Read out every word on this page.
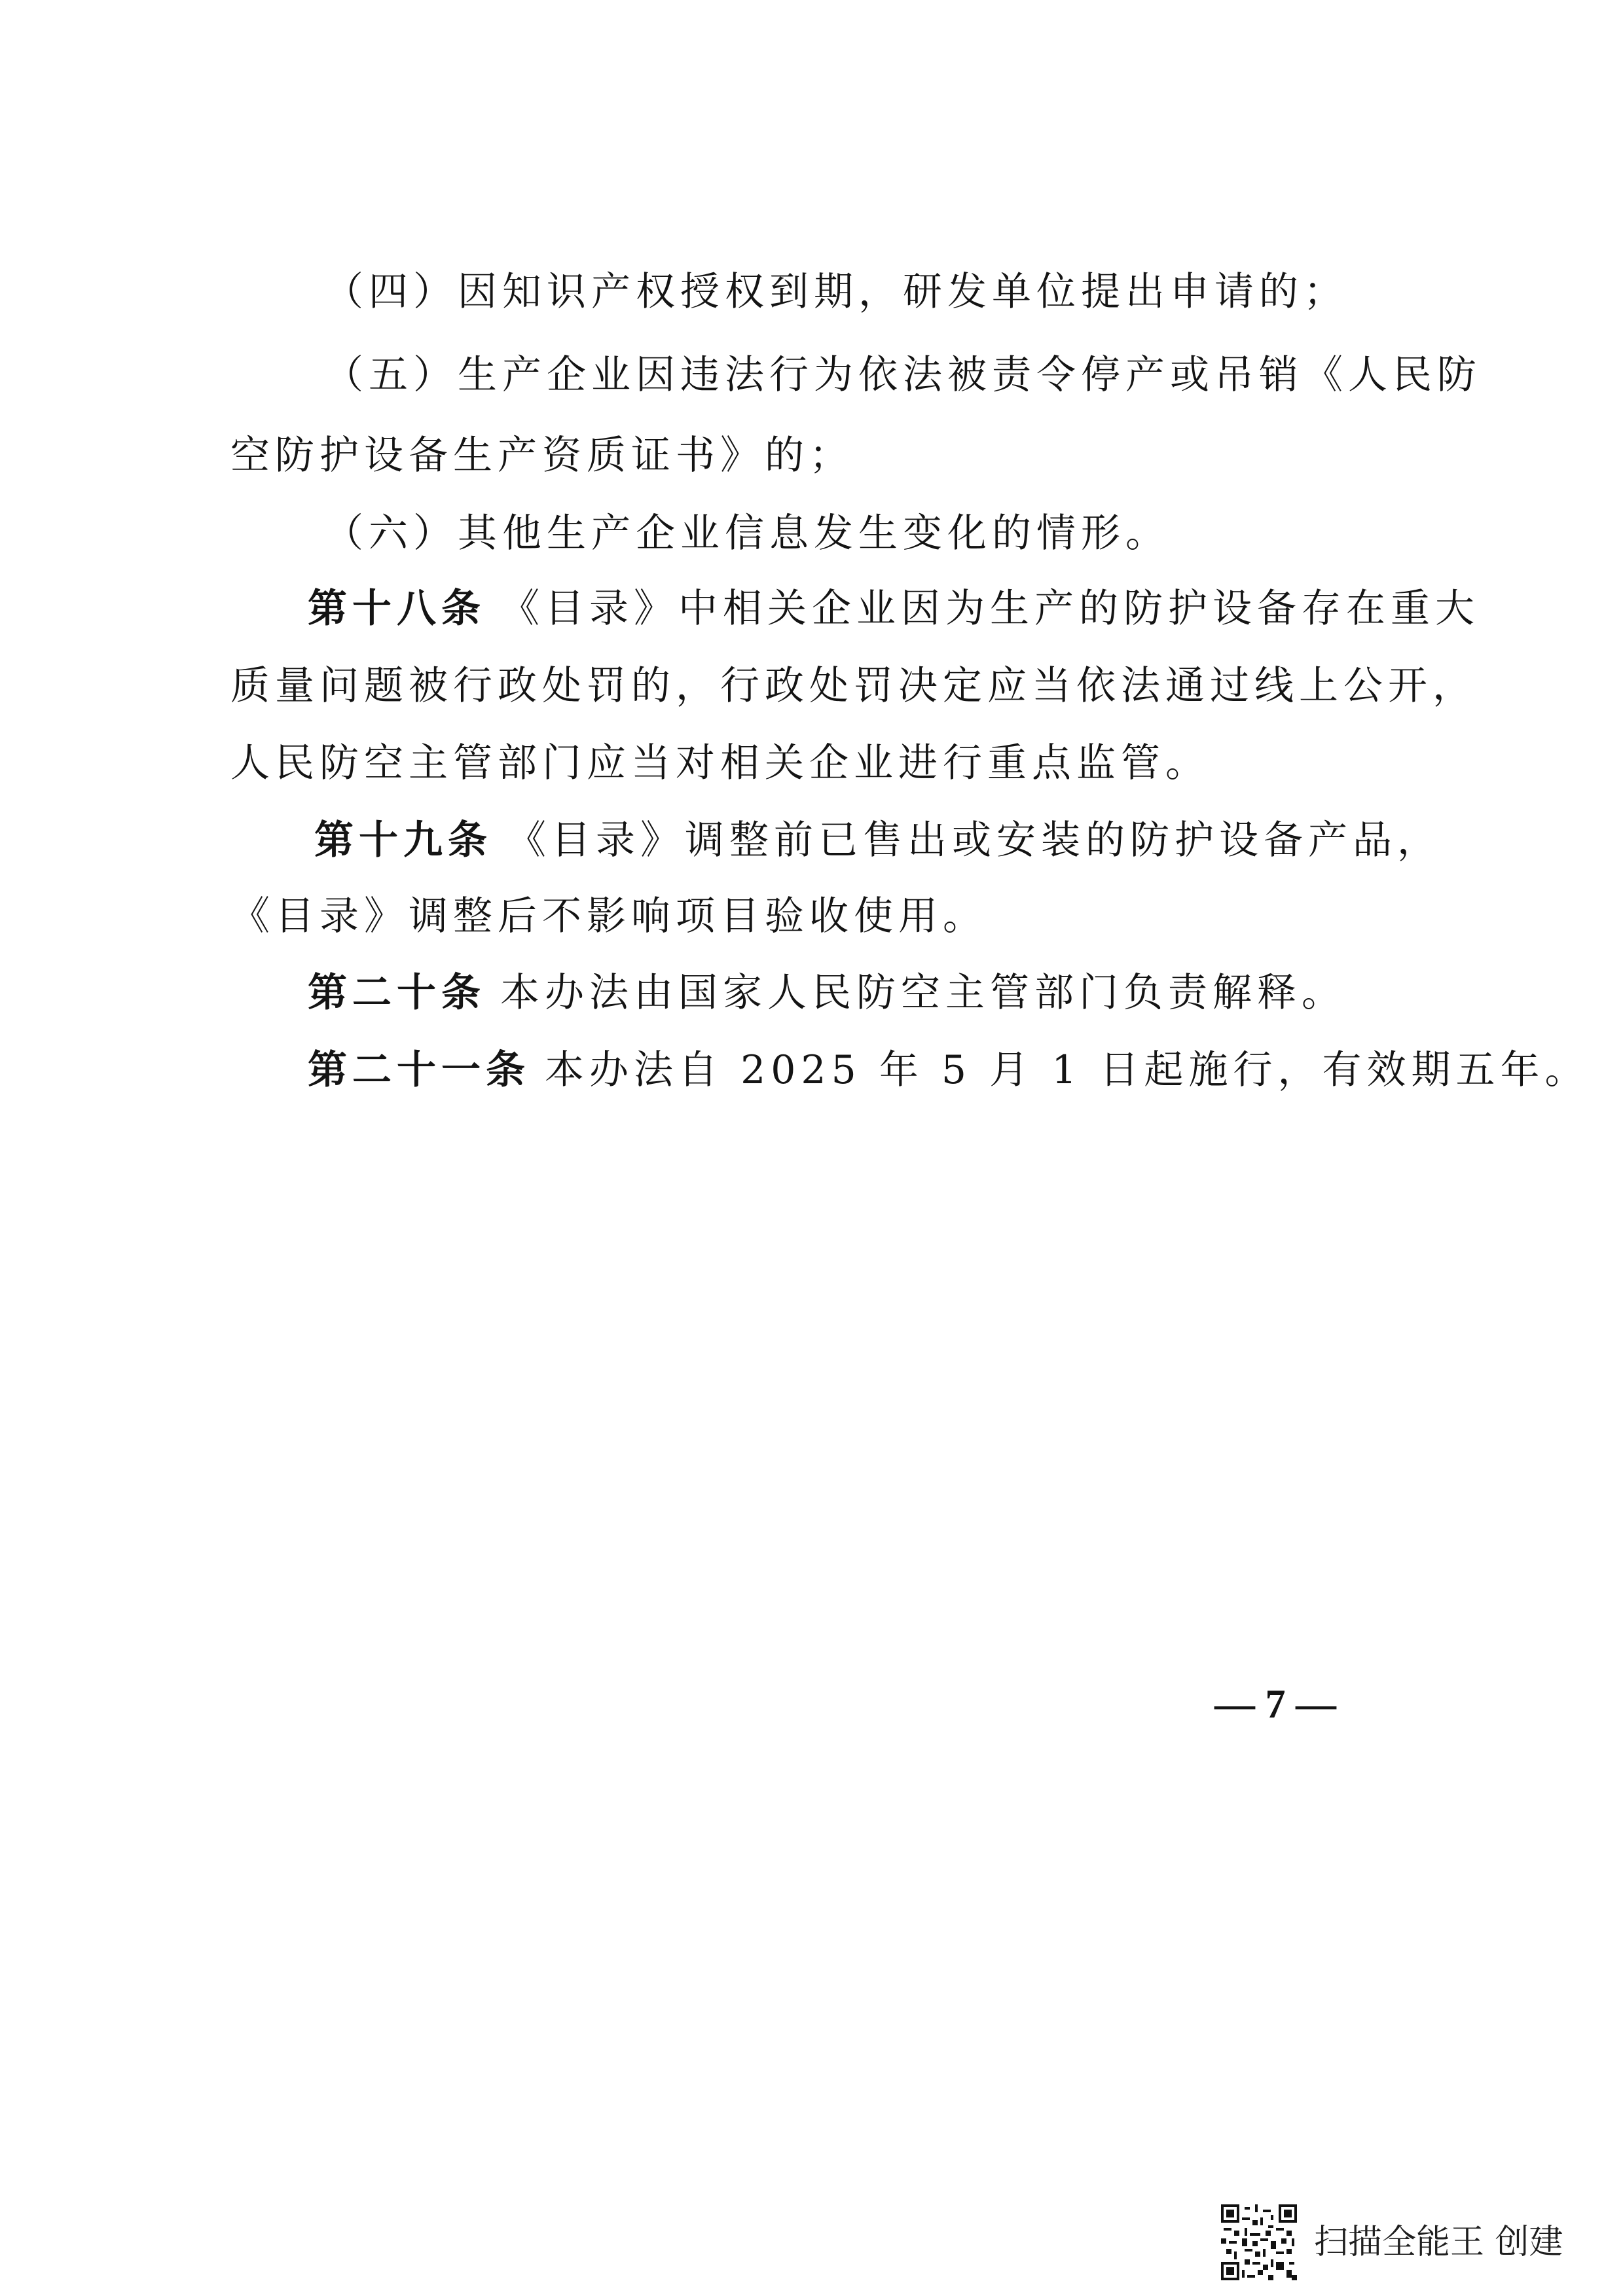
（四）因知识产权授权到期，研发单位提出申请的；
（五）生产企业因违法行为依法被责令停产或吊销《人民防
空防护设备生产资质证书》的；
（六）其他生产企业信息发生变化的情形。
第十八条 《目录》中相关企业因为生产的防护设备存在重大
质量问题被行政处罚的，行政处罚决定应当依法通过线上公开，
人民防空主管部门应当对相关企业进行重点监管。
第十九条 《目录》调整前已售出或安装的防护设备产品，
《目录》调整后不影响项目验收使用。
第二十条 本办法由国家人民防空主管部门负责解释。
第二十一条 本办法自 2025 年 5 月 1 日起施行，有效期五年。
— 7 —
扫描全能王 创建
